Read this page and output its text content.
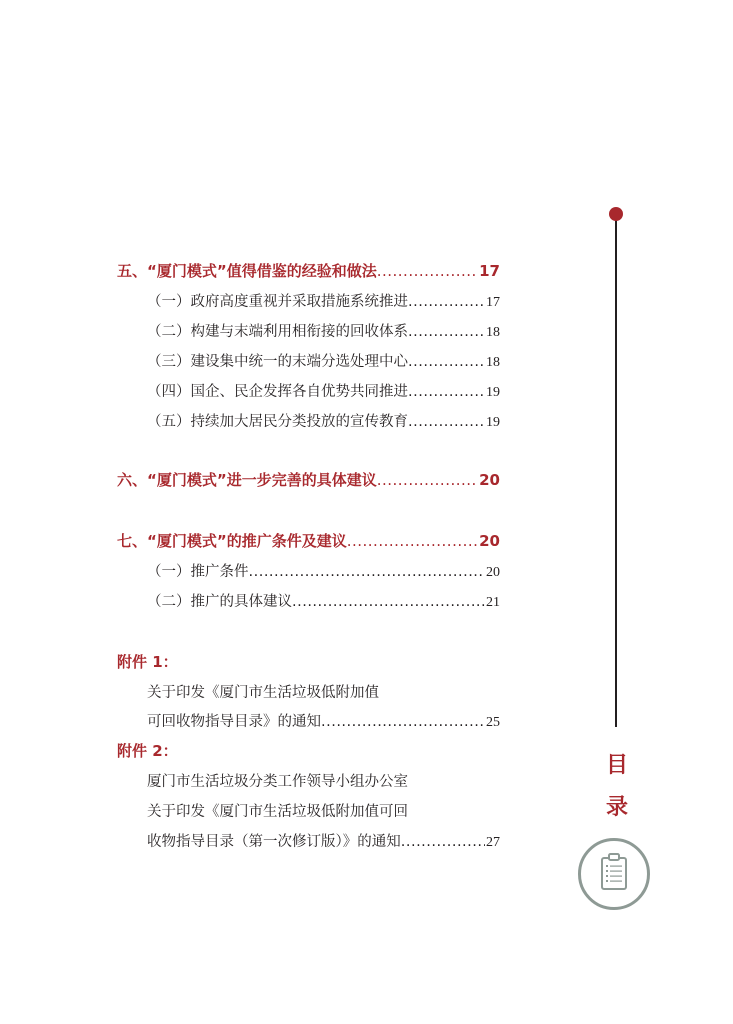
五、“厦门模式”值得借鉴的经验和做法 .....	17
（一）政府高度重视并采取措施系统推进 .....	17
（二）构建与末端利用相衔接的回收体系 .....	18
（三）建设集中统一的末端分选处理中心 .....	18
（四）国企、民企发挥各自优势共同推进 .....	19
（五）持续加大居民分类投放的宣传教育 .....	19
六、“厦门模式”进一步完善的具体建议 .....	20
七、“厦门模式”的推广条件及建议 .....	20
（一）推广条件 .....	20
（二）推广的具体建议 .....	21
附件 1：
关于印发《厦门市生活垃圾低附加值
可回收物指导目录》的通知 .....	25
附件 2：
厦门市生活垃圾分类工作领导小组办公室
关于印发《厦门市生活垃圾低附加值可回
收物指导目录（第一次修订版）》的通知 .....	27
目
录
